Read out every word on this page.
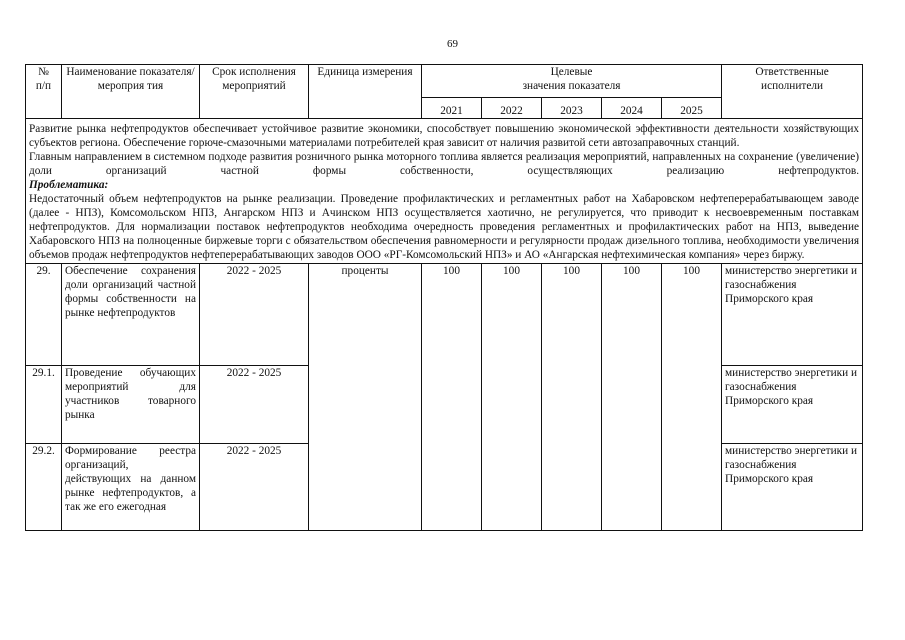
69
№
п/п	Наименование показателя/мероприя тия	Срок исполнения мероприятий	Единица измерения	Целевые
значения показателя					Ответственные исполнители
				2021	2022	2023	2024	2025	

Развитие рынка нефтепродуктов обеспечивает устойчивое развитие экономики, способствует повышению экономической эффективности деятельности хозяйствующих субъектов региона. Обеспечение горюче-смазочными материалами потребителей края зависит от наличия развитой сети автозаправочных станций.

Главным направлением в системном подходе развития розничного рынка моторного топлива является реализация мероприятий, направленных на сохранение (увеличение) доли организаций частной формы собственности, осуществляющих реализацию нефтепродуктов.

Проблематика:

Недостаточный объем нефтепродуктов на рынке реализации. Проведение профилактических и регламентных работ на Хабаровском нефтеперерабатывающем заводе (далее - НПЗ), Комсомольском НПЗ, Ангарском НПЗ и Ачинском НПЗ осуществляется хаотично, не регулируется, что приводит к несвоевременным поставкам нефтепродуктов. Для нормализации поставок нефтепродуктов необходима очередность проведения регламентных и профилактических работ на НПЗ, выведение Хабаровского НПЗ на полноценные биржевые торги с обязательством обеспечения равномерности и регулярности продаж дизельного топлива, необходимости увеличения объемов продаж нефтепродуктов нефтеперерабатывающих заводов ООО «РГ-Комсомольский НПЗ» и АО «Ангарская нефтехимическая компания» через биржу.									

29.	Обеспечение сохранения доли организаций частной формы собственности на рынке нефтепродуктов	2022 - 2025	проценты	100	100	100	100	100	министерство энергетики и газоснабжения Приморского края
29.1.	Проведение обучающих мероприятий для участников товарного рынка	2022 - 2025							министерство энергетики и газоснабжения Приморского края
29.2.	Формирование реестра организаций, действующих на данном рынке нефтепродуктов, а так же его ежегодная	2022 - 2025							министерство энергетики и газоснабжения Приморского края
